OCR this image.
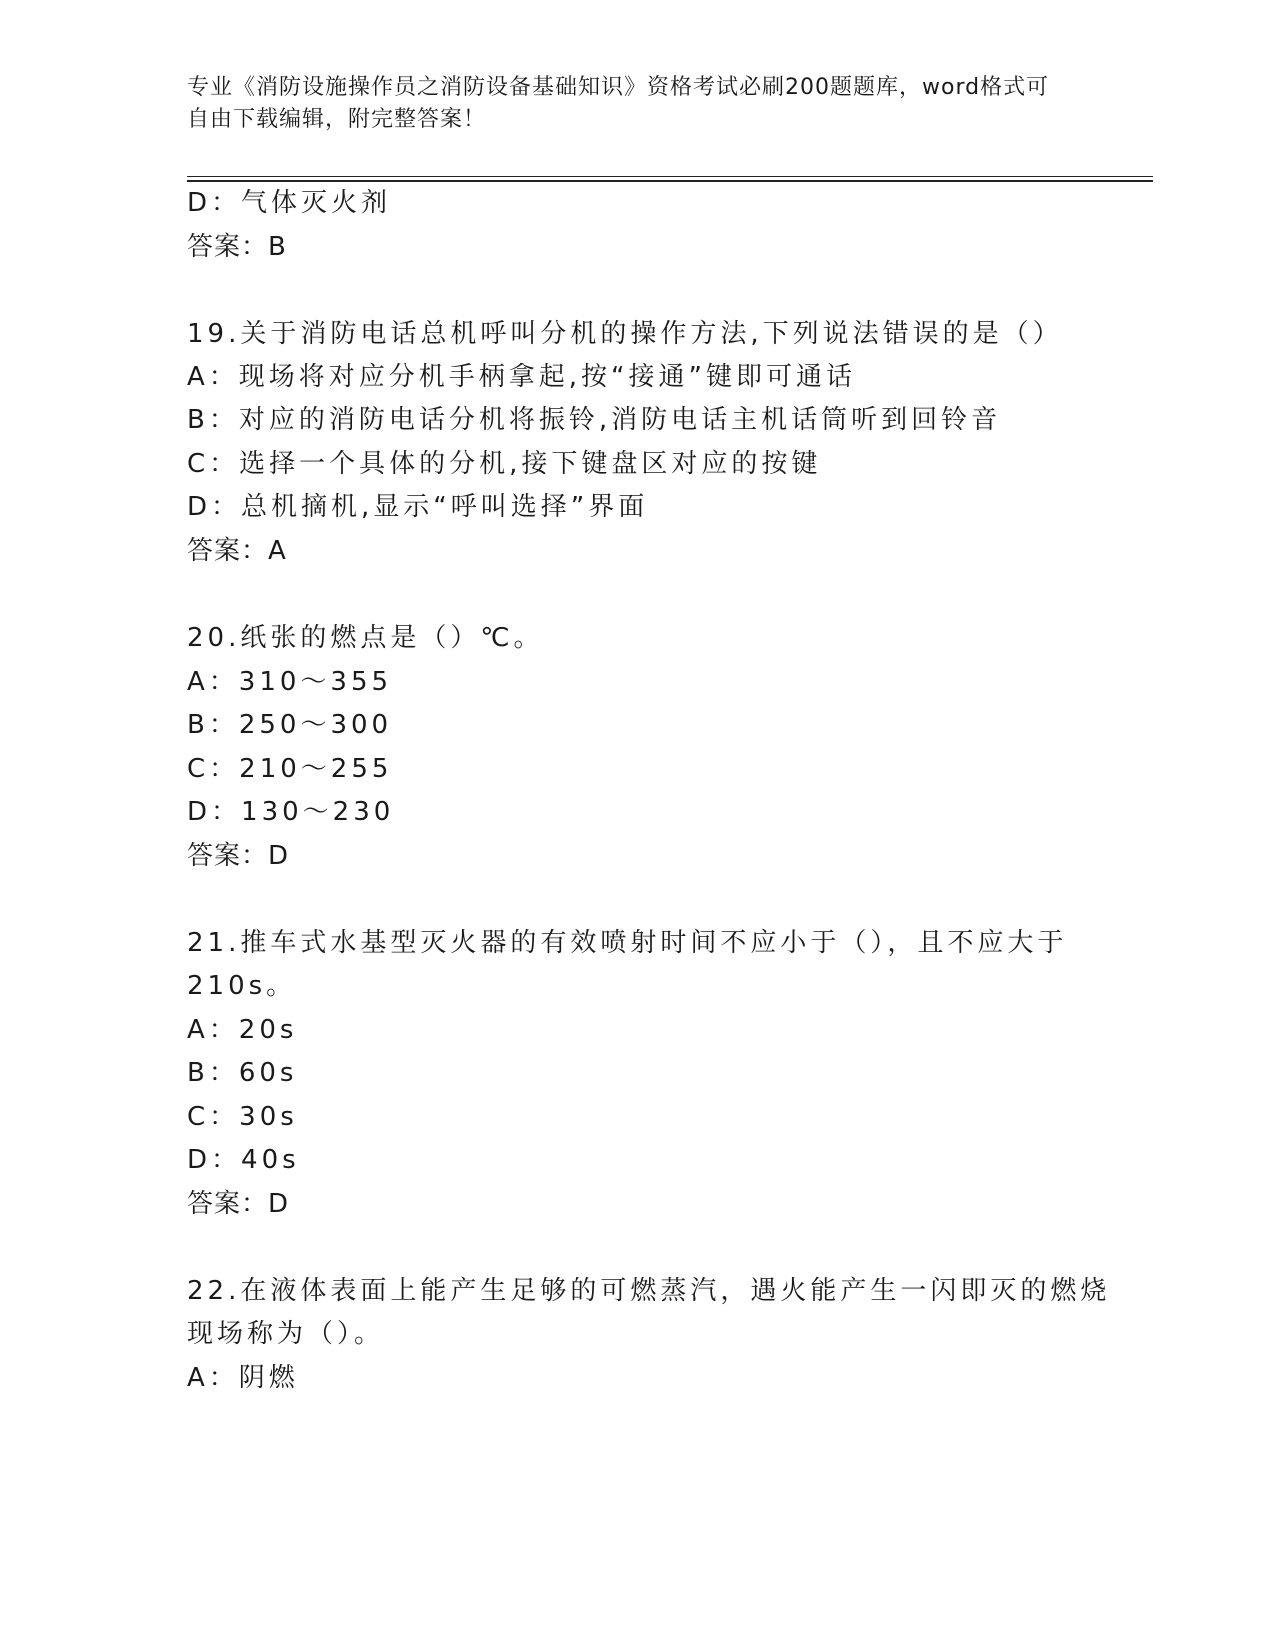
专业《消防设施操作员之消防设备基础知识》资格考试必刷200题题库，word格式可自由下载编辑，附完整答案！
D：气体灭火剂
答案：B
19.关于消防电话总机呼叫分机的操作方法,下列说法错误的是（）
A：现场将对应分机手柄拿起,按“接通”键即可通话
B：对应的消防电话分机将振铃,消防电话主机话筒听到回铃音
C：选择一个具体的分机,接下键盘区对应的按键
D：总机摘机,显示“呼叫选择”界面
答案：A
20.纸张的燃点是（）℃。
A：310～355
B：250～300
C：210～255
D：130～230
答案：D
21.推车式水基型灭火器的有效喷射时间不应小于（），且不应大于
210s。
A：20s
B：60s
C：30s
D：40s
答案：D
22.在液体表面上能产生足够的可燃蒸汽，遇火能产生一闪即灭的燃烧
现场称为（）。
A：阴燃
